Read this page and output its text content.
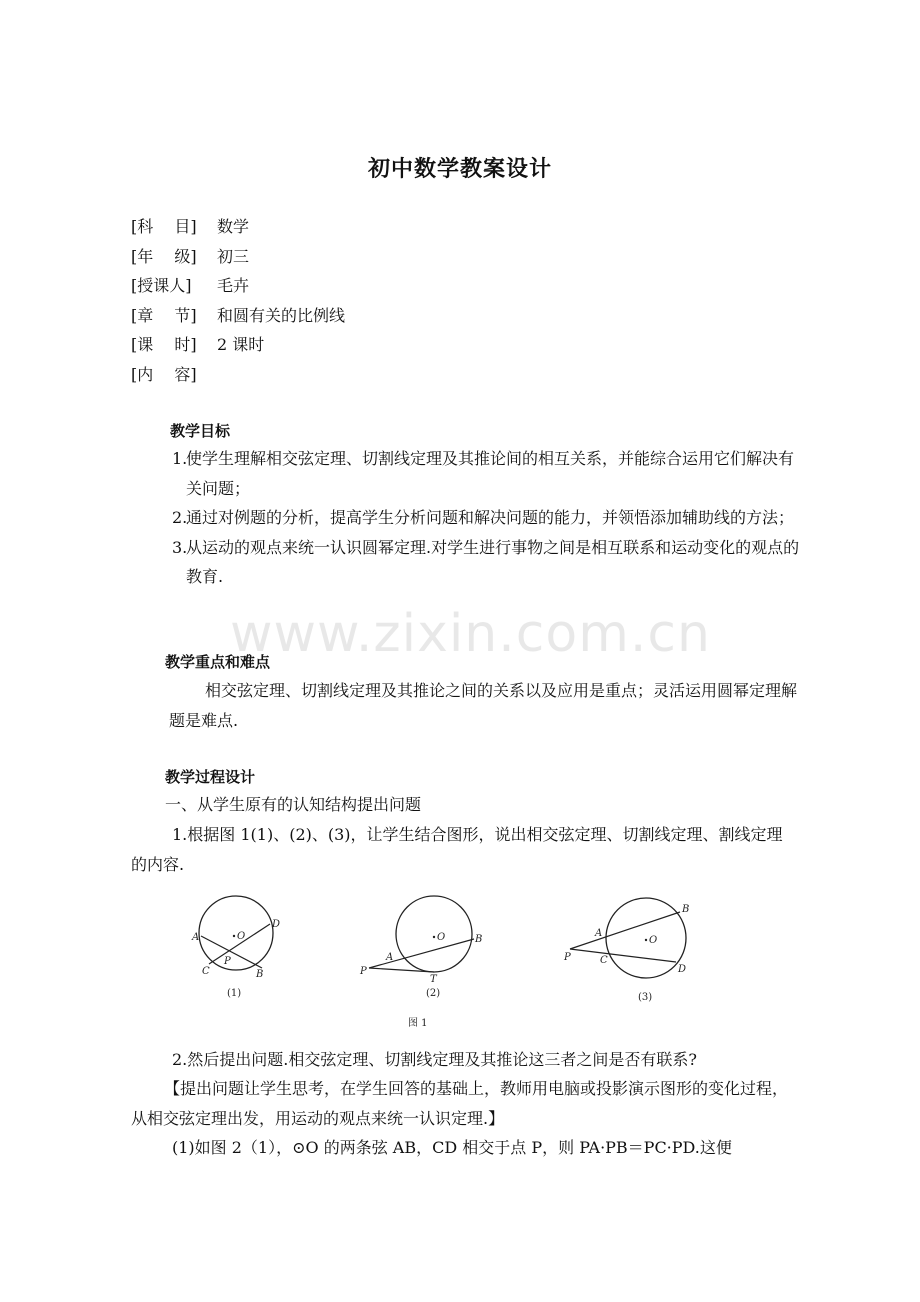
初中数学教案设计
[科　 目]	数学
[年　 级]	初三
[授课人]	毛卉
[章　 节]	和圆有关的比例线
[课　 时]	2 课时
[内　 容]
教学目标
1.
使学生理解相交弦定理、切割线定理及其推论间的相互关系，并能综合运用它们解决有关问题；
2.
通过对例题的分析，提高学生分析问题和解决问题的能力，并领悟添加辅助线的方法；
3.
从运动的观点来统一认识圆幂定理.对学生进行事物之间是相互联系和运动变化的观点的教育.
www.zixin.com.cn
教学重点和难点
相交弦定理、切割线定理及其推论之间的关系以及应用是重点；灵活运用圆幂定理解题是难点.
教学过程设计
一、从学生原有的认知结构提出问题
1.根据图 1(1)、(2)、(3)，让学生结合图形，说出相交弦定理、切割线定理、割线定理的内容.
A
D
O
C
P
B
(1)
A
O	B
P
T
(2)
A
B
O
P	C
D
(3)
图 1
2.然后提出问题.相交弦定理、切割线定理及其推论这三者之间是否有联系?
【提出问题让学生思考，在学生回答的基础上，教师用电脑或投影演示图形的变化过程，从相交弦定理出发，用运动的观点来统一认识定理.】
(1)如图 2（1），⊙O 的两条弦 AB，CD 相交于点 P，则 PA·PB＝PC·PD.这便
